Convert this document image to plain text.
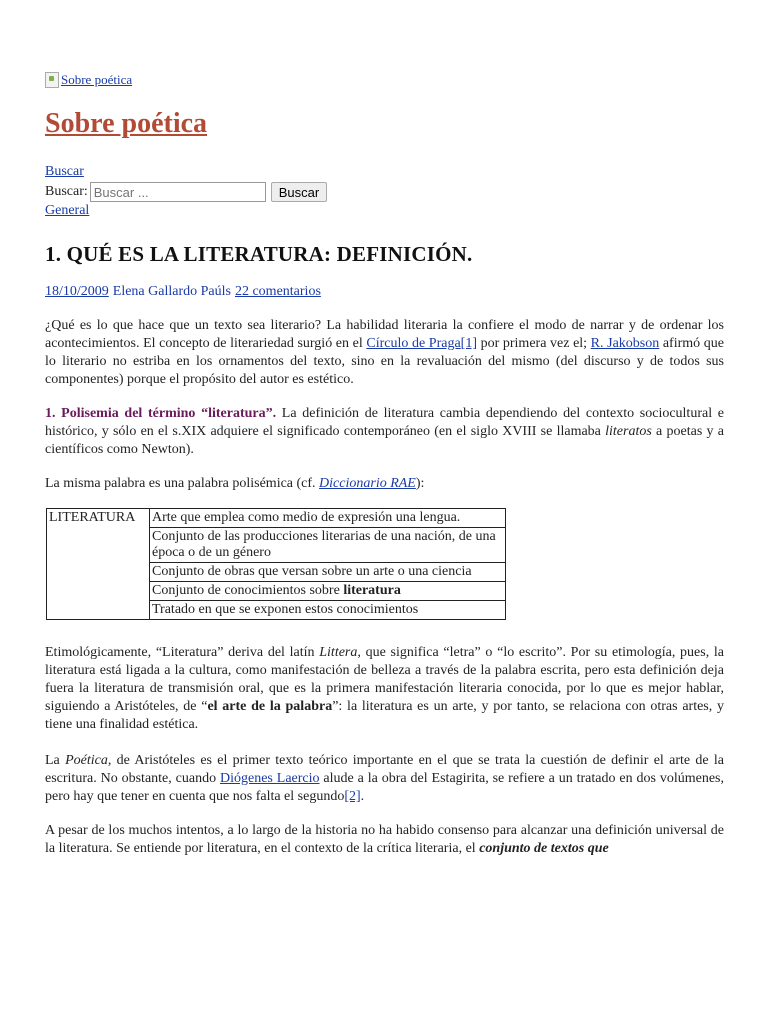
Sobre poética
Sobre poética
Buscar
Buscar:
Buscar ...	Buscar
General
1. QUÉ ES LA LITERATURA: DEFINICIÓN.
18/10/2009 Elena Gallardo Paúls 22 comentarios

¿Qué es lo que hace que un texto sea literario? La habilidad literaria la confiere el modo de narrar y de ordenar los acontecimientos. El concepto de literariedad surgió en el Círculo de Praga[1] por primera vez el; R. Jakobson afirmó que lo literario no estriba en los ornamentos del texto, sino en la revaluación del mismo (del discurso y de todos sus componentes) porque el propósito del autor es estético.

1. Polisemia del término “literatura”. La definición de literatura cambia dependiendo del contexto sociocultural e histórico, y sólo en el s.XIX adquiere el significado contemporáneo (en el siglo XVIII se llamaba literatos a poetas y a científicos como Newton).

La misma palabra es una palabra polisémica (cf. Diccionario RAE):

LITERATURA	Arte que emplea como medio de expresión una lengua.
Conjunto de las producciones literarias de una nación, de una época o de un género
Conjunto de obras que versan sobre un arte o una ciencia
Conjunto de conocimientos sobre literatura
Tratado en que se exponen estos conocimientos

Etimológicamente, “Literatura” deriva del latín Littera, que significa “letra” o “lo escrito”. Por su etimología, pues, la literatura está ligada a la cultura, como manifestación de belleza a través de la palabra escrita, pero esta definición deja fuera la literatura de transmisión oral, que es la primera manifestación literaria conocida, por lo que es mejor hablar, siguiendo a Aristóteles, de “el arte de la palabra”: la literatura es un arte, y por tanto, se relaciona con otras artes, y tiene una finalidad estética.

La Poética, de Aristóteles es el primer texto teórico importante en el que se trata la cuestión de definir el arte de la escritura. No obstante, cuando Diógenes Laercio alude a la obra del Estagirita, se refiere a un tratado en dos volúmenes, pero hay que tener en cuenta que nos falta el segundo[2].

A pesar de los muchos intentos, a lo largo de la historia no ha habido consenso para alcanzar una definición universal de la literatura. Se entiende por literatura, en el contexto de la crítica literaria, el conjunto de textos que
